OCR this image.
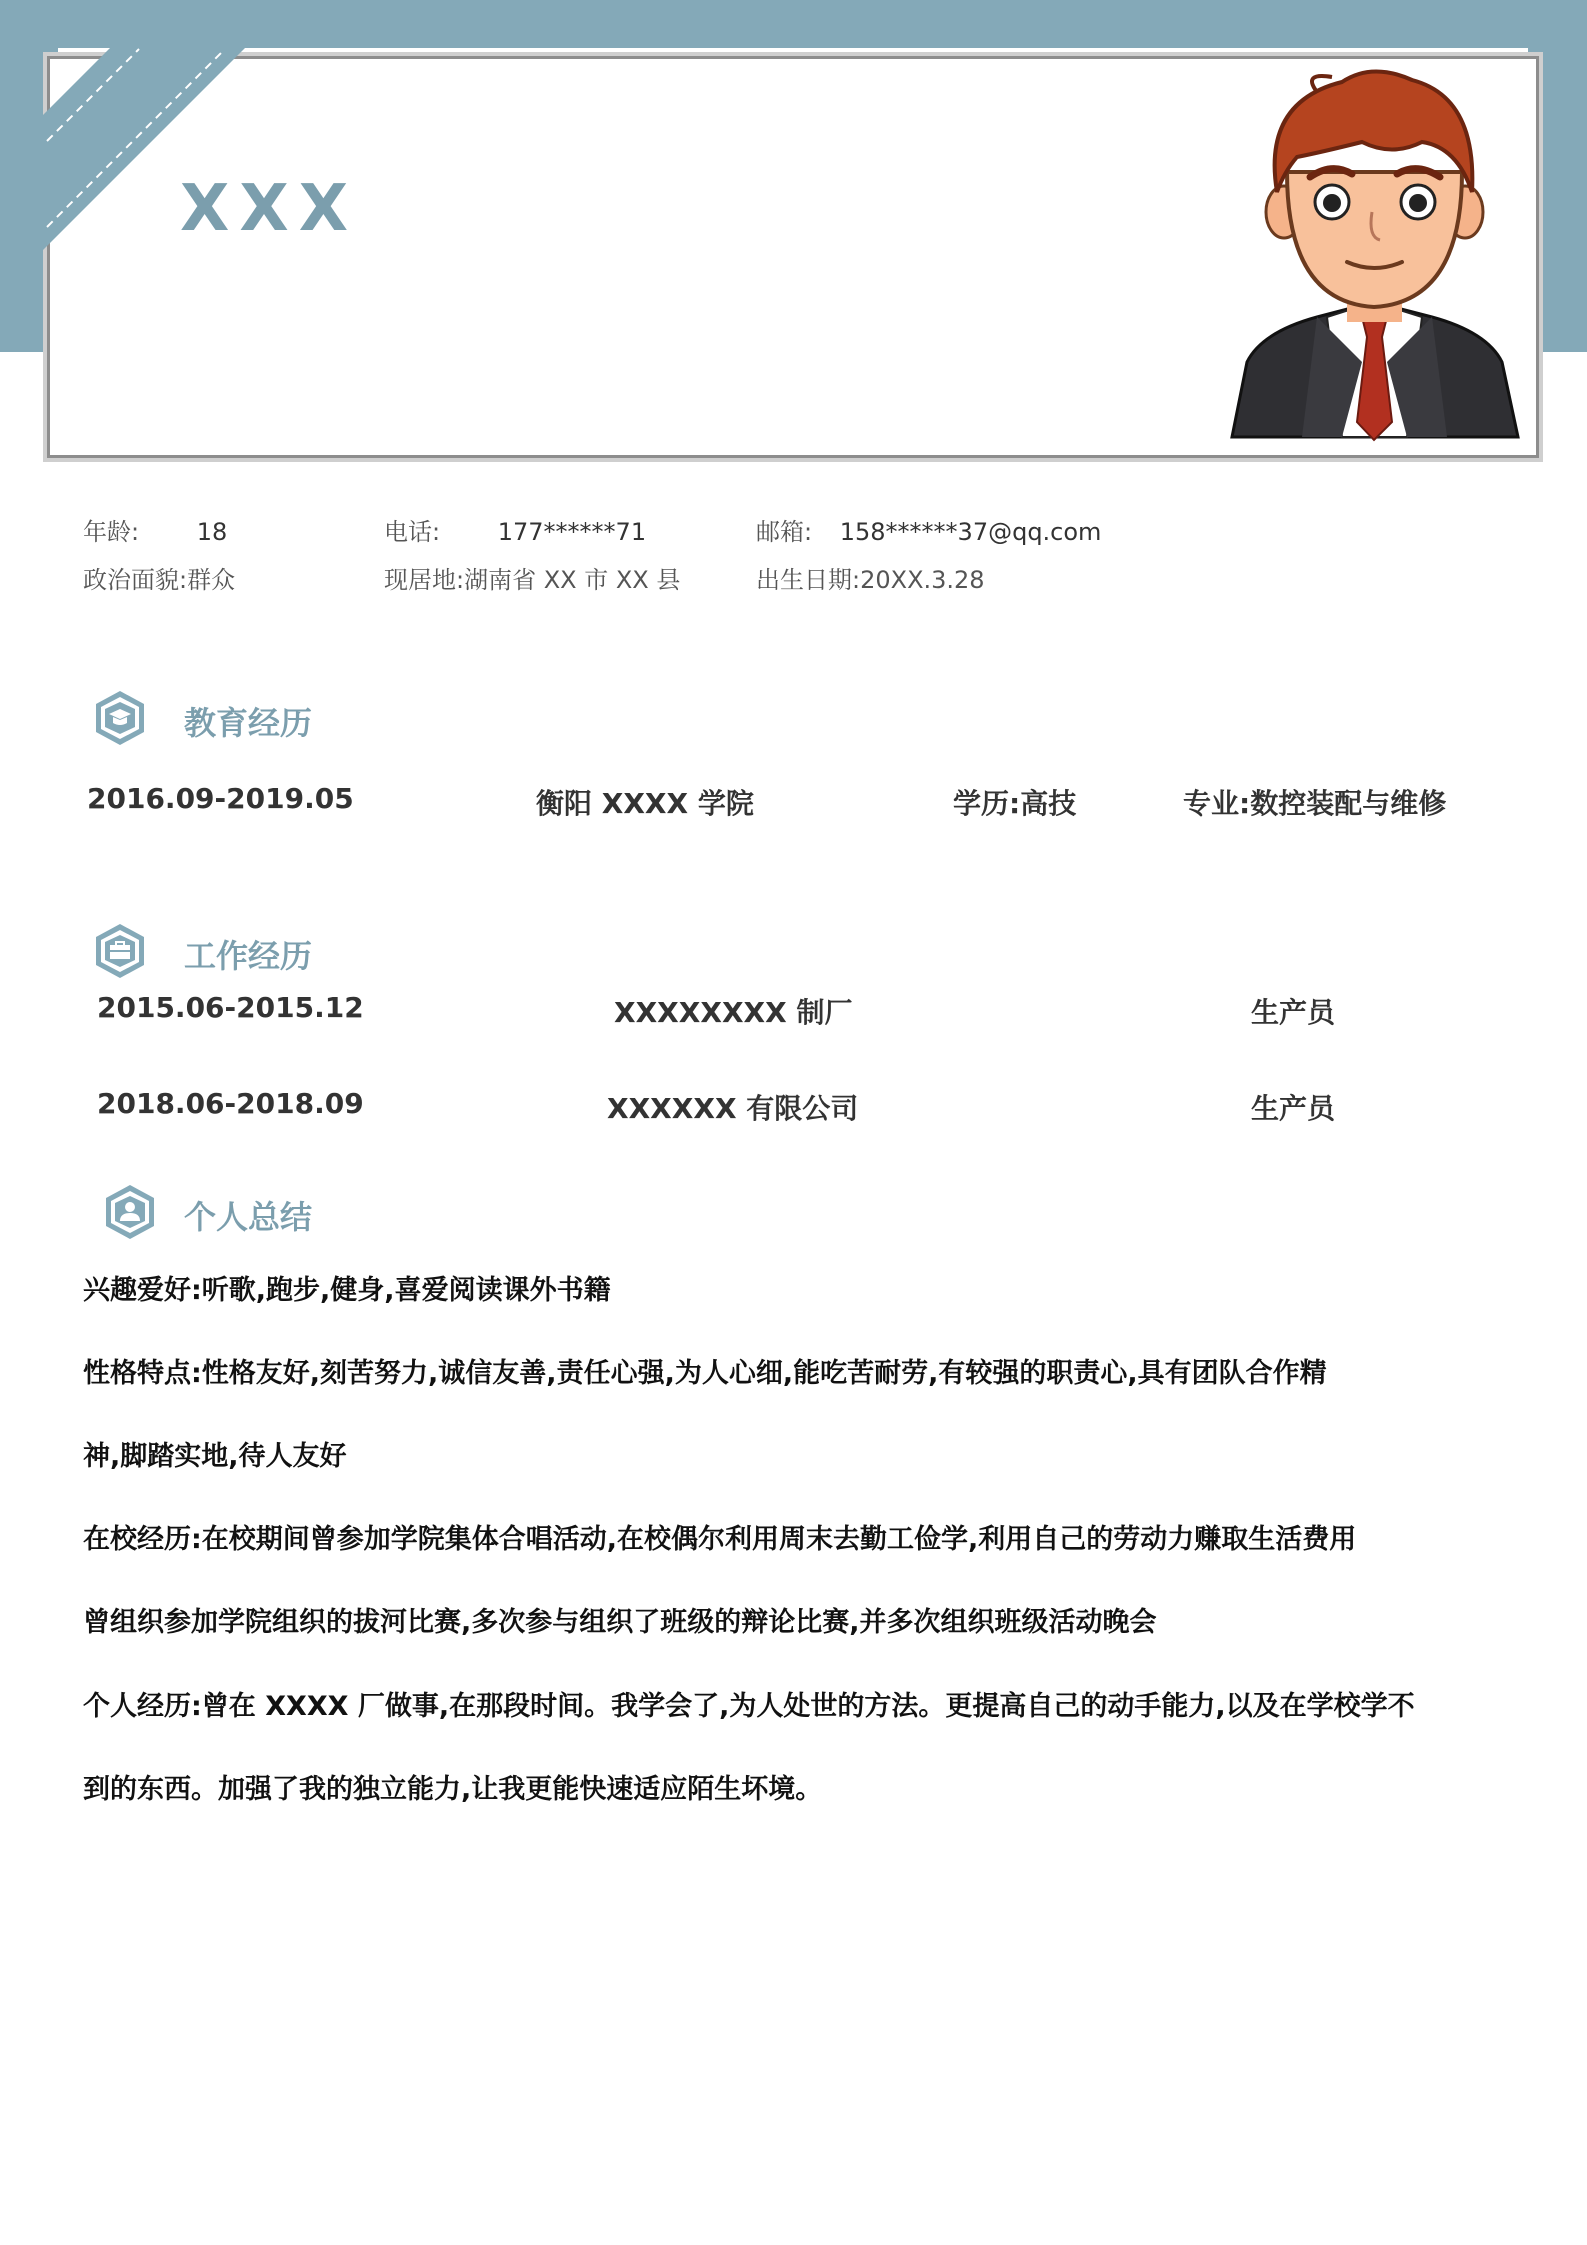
XXX
年龄: 18	电话: 177******71	邮箱: 158******37@qq.com
政治面貌:群众	现居地:湖南省 XX 市 XX 县	出生日期:20XX.3.28
教育经历
2016.09-2019.05	衡阳 XXXX 学院	学历:高技	专业:数控装配与维修
工作经历
2015.06-2015.12	XXXXXXXX 制厂	生产员
2018.06-2018.09	XXXXXX 有限公司	生产员
个人总结
兴趣爱好:听歌,跑步,健身,喜爱阅读课外书籍
性格特点:性格友好,刻苦努力,诚信友善,责任心强,为人心细,能吃苦耐劳,有较强的职责心,具有团队合作精
神,脚踏实地,待人友好
在校经历:在校期间曾参加学院集体合唱活动,在校偶尔利用周末去勤工俭学,利用自己的劳动力赚取生活费用
曾组织参加学院组织的拔河比赛,多次参与组织了班级的辩论比赛,并多次组织班级活动晚会
个人经历:曾在 XXXX 厂做事,在那段时间。我学会了,为人处世的方法。更提高自己的动手能力,以及在学校学不
到的东西。加强了我的独立能力,让我更能快速适应陌生坏境。
